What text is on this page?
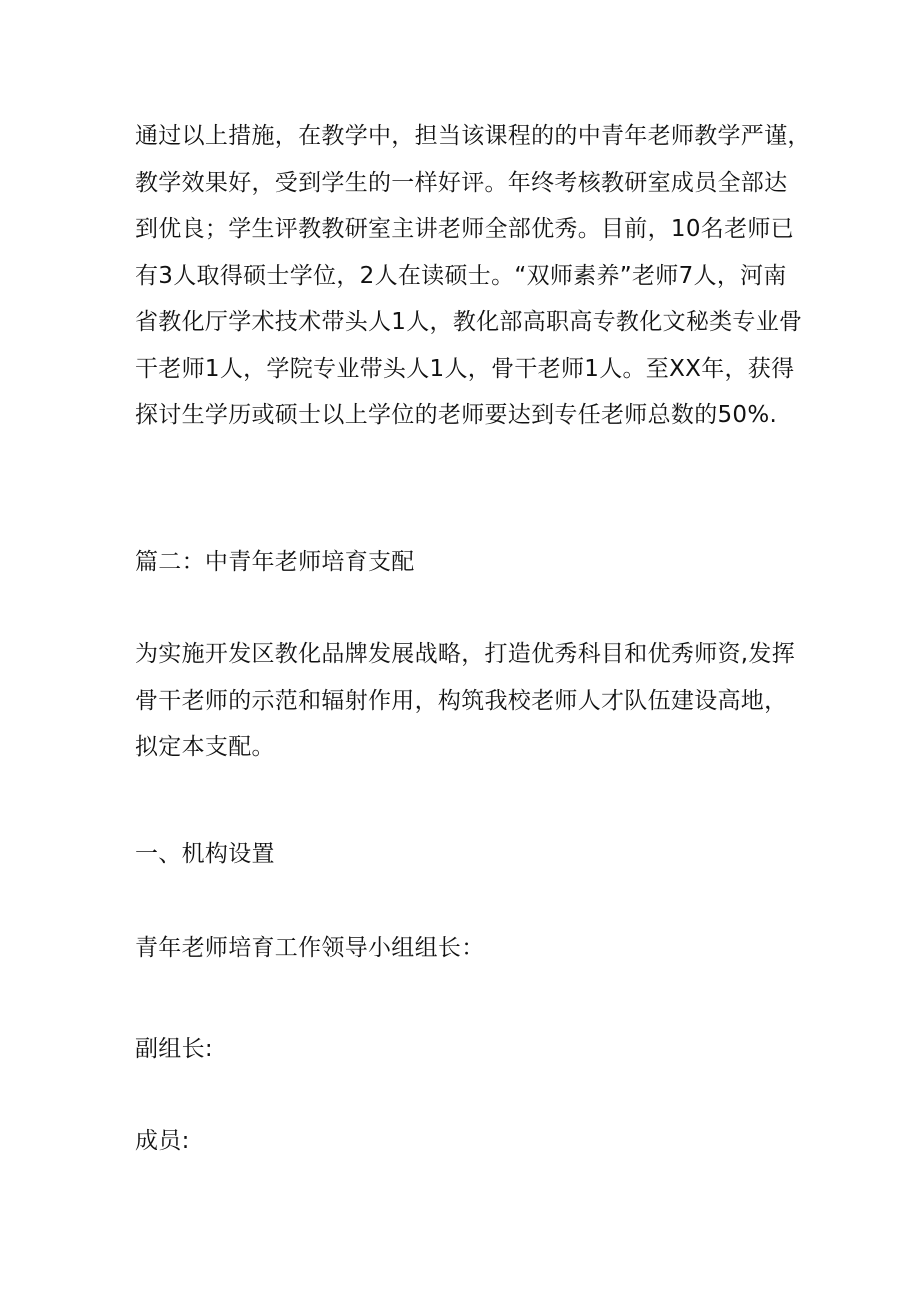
通过以上措施，在教学中，担当该课程的的中青年老师教学严谨，
教学效果好，受到学生的一样好评。年终考核教研室成员全部达
到优良；学生评教教研室主讲老师全部优秀。目前，10名老师已
有3人取得硕士学位，2人在读硕士。“双师素养”老师7人，河南
省教化厅学术技术带头人1人，教化部高职高专教化文秘类专业骨
干老师1人，学院专业带头人1人，骨干老师1人。至XX年，获得
探讨生学历或硕士以上学位的老师要达到专任老师总数的50%.

篇二：中青年老师培育支配

为实施开发区教化品牌发展战略，打造优秀科目和优秀师资,发挥
骨干老师的示范和辐射作用，构筑我校老师人才队伍建设高地，
拟定本支配。

一、机构设置

青年老师培育工作领导小组组长：

副组长:

成员:
